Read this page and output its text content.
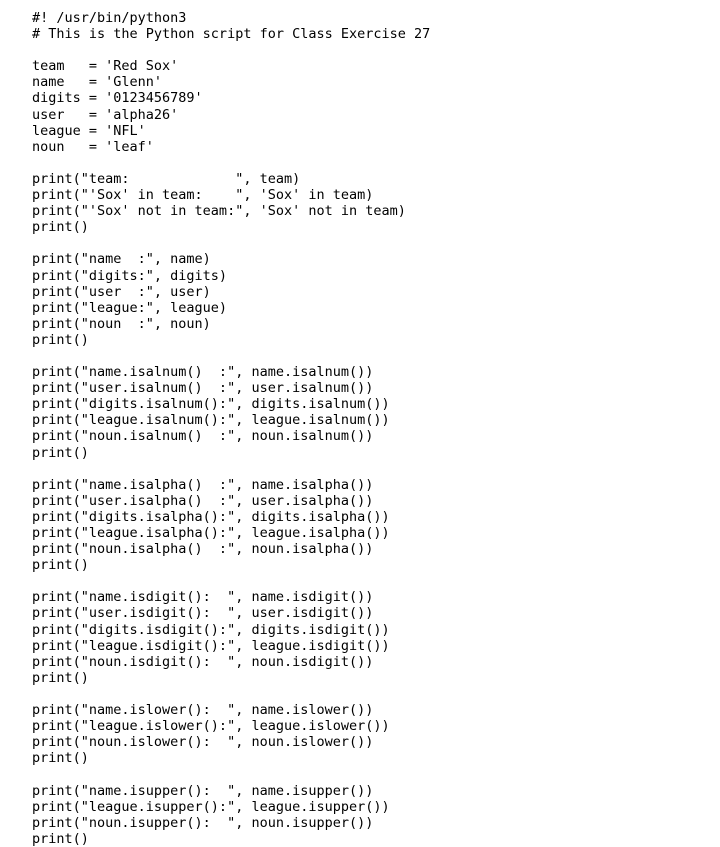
#! /usr/bin/python3
# This is the Python script for Class Exercise 27
team   = 'Red Sox'
name   = 'Glenn'
digits = '0123456789'
user   = 'alpha26'
league = 'NFL'
noun   = 'leaf'
print("team:             ", team)
print("'Sox' in team:    ", 'Sox' in team)
print("'Sox' not in team:", 'Sox' not in team)
print()
print("name  :", name)
print("digits:", digits)
print("user  :", user)
print("league:", league)
print("noun  :", noun)
print()
print("name.isalnum()  :", name.isalnum())
print("user.isalnum()  :", user.isalnum())
print("digits.isalnum():", digits.isalnum())
print("league.isalnum():", league.isalnum())
print("noun.isalnum()  :", noun.isalnum())
print()
print("name.isalpha()  :", name.isalpha())
print("user.isalpha()  :", user.isalpha())
print("digits.isalpha():", digits.isalpha())
print("league.isalpha():", league.isalpha())
print("noun.isalpha()  :", noun.isalpha())
print()
print("name.isdigit():  ", name.isdigit())
print("user.isdigit():  ", user.isdigit())
print("digits.isdigit():", digits.isdigit())
print("league.isdigit():", league.isdigit())
print("noun.isdigit():  ", noun.isdigit())
print()
print("name.islower():  ", name.islower())
print("league.islower():", league.islower())
print("noun.islower():  ", noun.islower())
print()
print("name.isupper():  ", name.isupper())
print("league.isupper():", league.isupper())
print("noun.isupper():  ", noun.isupper())
print()
